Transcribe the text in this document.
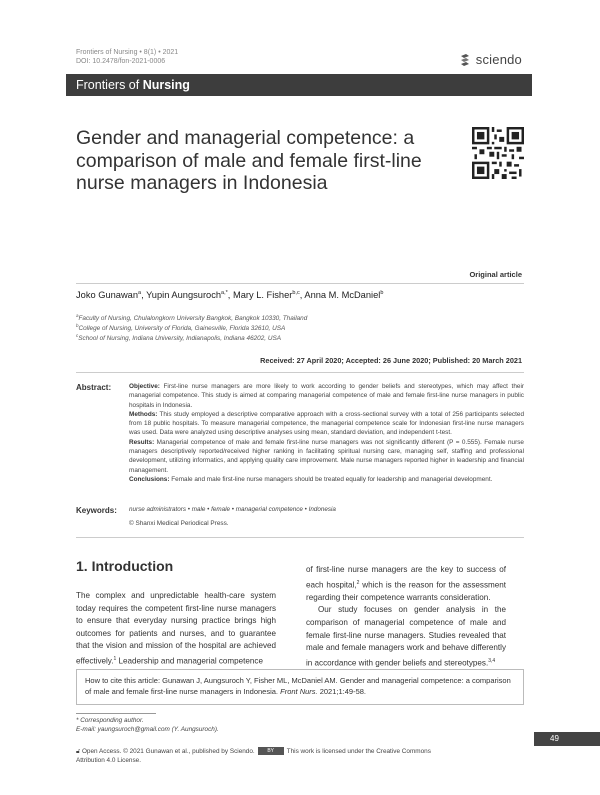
Frontiers of Nursing • 8(1) • 2021
DOI: 10.2478/fon-2021-0006	sciendo
Frontiers of Nursing
Gender and managerial competence: a comparison of male and female first-line nurse managers in Indonesia
Original article
Joko Gunawan$^a$, Yupin Aungsuroch$^{a,*}$, Mary L. Fisher$^{b,c}$, Anna M. McDaniel$^b$
$^a$Faculty of Nursing, Chulalongkorn University Bangkok, Bangkok 10330, Thailand
$^b$College of Nursing, University of Florida, Gainesville, Florida 32610, USA
$^c$School of Nursing, Indiana University, Indianapolis, Indiana 46202, USA
Received: 27 April 2020; Accepted: 26 June 2020; Published: 20 March 2021
Abstract:	Objective: First-line nurse managers are more likely to work according to gender beliefs and stereotypes, which may affect their managerial competence. This study is aimed at comparing managerial competence of male and female first-line nurse managers in public hospitals in Indonesia.

Methods: This study employed a descriptive comparative approach with a cross-sectional survey with a total of 256 participants selected from 18 public hospitals. To measure managerial competence, the managerial competence scale for Indonesian first-line nurse managers was used. Data were analyzed using descriptive analyses using mean, standard deviation, and independent t-test.

Results: Managerial competence of male and female first-line nurse managers was not significantly different (P = 0.555). Female nurse managers descriptively reported/received higher ranking in facilitating spiritual nursing care, managing self, staffing and professional development, utilizing informatics, and applying quality care improvement. Male nurse managers reported higher in leadership and financial management.

Conclusions: Female and male first-line nurse managers should be treated equally for leadership and managerial development.

Keywords: nurse administrators • male • female • managerial competence • Indonesia
© Shanxi Medical Periodical Press.
1. Introduction

The complex and unpredictable health-care system today requires the competent first-line nurse managers to ensure that everyday nursing practice brings high outcomes for patients and nurses, and to guarantee that the vision and mission of the hospital are achieved effectively.$^1$ Leadership and managerial competence

of first-line nurse managers are the key to success of each hospital,$^2$ which is the reason for the assessment regarding their competence warrants consideration.

Our study focuses on gender analysis in the comparison of managerial competence of male and female first-line nurse managers. Studies revealed that male and female managers work and behave differently in accordance with gender beliefs and stereotypes.$^{3,4}$

How to cite this article: Gunawan J, Aungsuroch Y, Fisher ML, McDaniel AM. Gender and managerial competence: a comparison of male and female first-line nurse managers in Indonesia. Front Nurs. 2021;1:49-58.
* Corresponding author.
E-mail: yaungsuroch@gmail.com (Y. Aungsuroch).
🔓︎ Open Access. © 2021 Gunawan et al., published by Sciendo.	BY This work is licensed under the Creative Commons Attribution 4.0 License.
49
